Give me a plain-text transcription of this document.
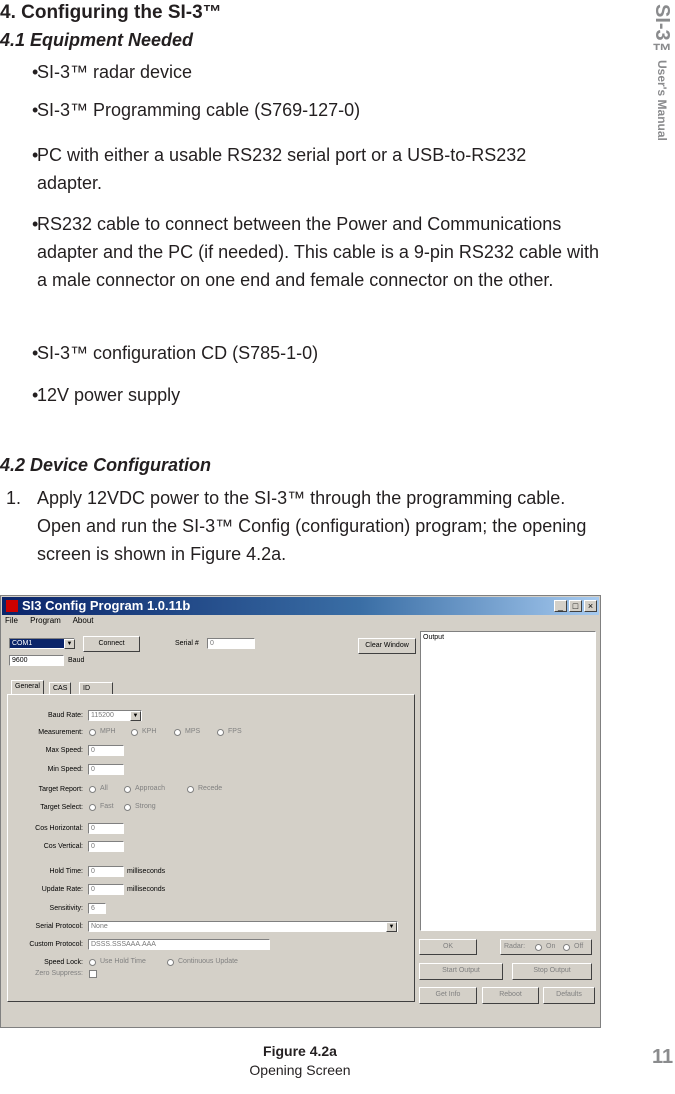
SI-3™
User's Manual
11
4. Configuring the SI-3™
4.1 Equipment Needed
•
SI-3™ radar device
•
SI-3™ Programming cable (S769-127-0)
•
PC with either a usable RS232 serial port or a USB-to-RS232 adapter.
•
RS232 cable to connect between the Power and Communications adapter and the PC (if needed). This cable is a 9-pin RS232 cable with a male connector on one end and female connector on the other.
•
SI-3™ configuration CD (S785-1-0)
•
12V power supply
4.2 Device Configuration
1. Apply 12VDC power to the SI-3™ through the programming cable. Open and run the SI-3™ Config (configuration) program; the opening screen is shown in Figure 4.2a.
SI3 Config Program 1.0.11b	_	□	×
File Program About
COM1	▼
9600	Baud
Connect	Serial #	0	Clear Window
Output
General	CAS	ID
Baud Rate:	115200	▼
Measurement: MPH	KPH	MPS	FPS
Max Speed:	0
Min Speed:	0
Target Report: All	Approach	Recede
Target Select: Fast	Strong
Cos Horizontal:	0
Cos Vertical:	0
Hold Time:	0	milliseconds
Update Rate:	0	milliseconds
Sensitivity:	6
Serial Protocol:	None	▼
Custom Protocol:	DSSS.SSSAAA.AAA
Speed Lock: Use Hold Time	Continuous Update
Zero Suppress:
OK	Radar:	On	Off
Start Output	Stop Output
Get Info	Reboot	Defaults
Figure 4.2a
Opening Screen
